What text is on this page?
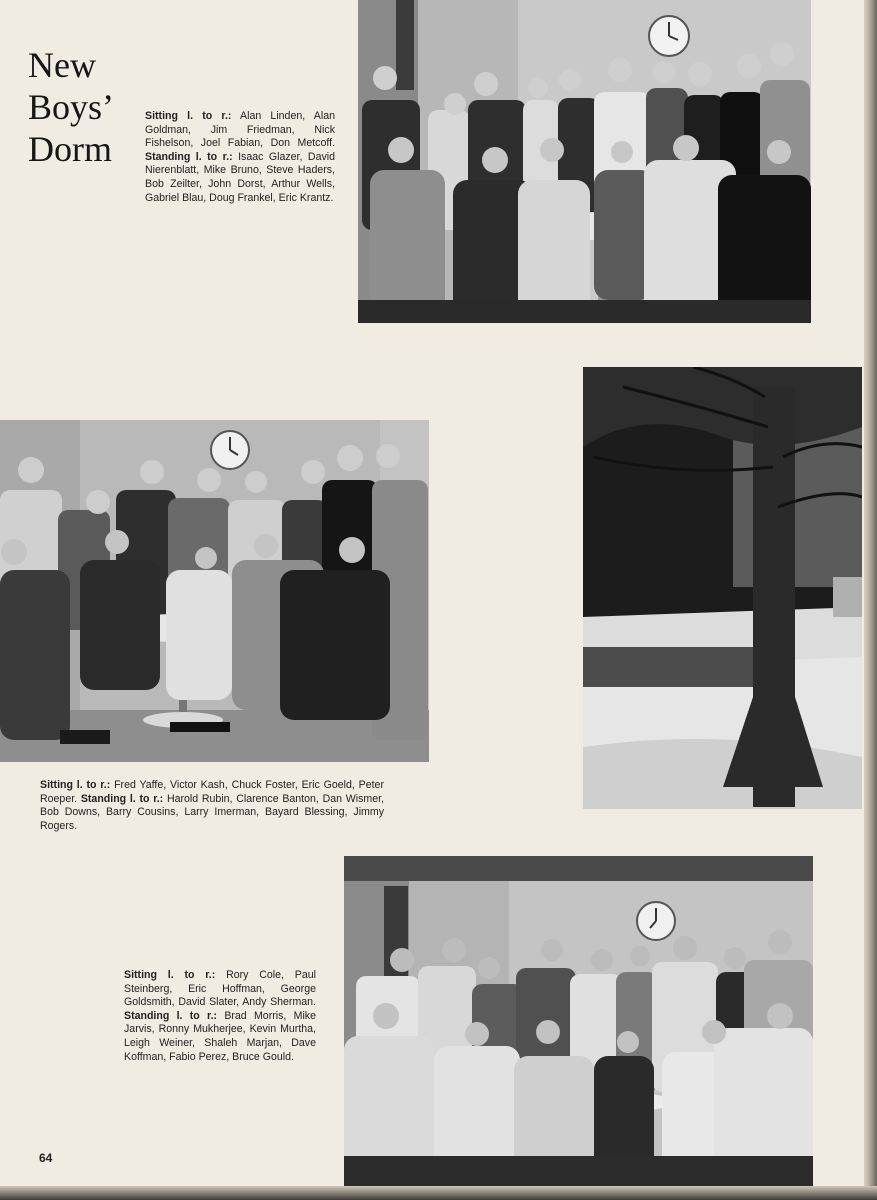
New
Boys’
Dorm

Sitting l. to r.: Alan Linden, Alan Goldman, Jim Friedman, Nick Fishelson, Joel Fabian, Don Metcoff. Standing l. to r.: Isaac Glazer, David Nierenblatt, Mike Bruno, Steve Haders, Bob Zeilter, John Dorst, Arthur Wells, Gabriel Blau, Doug Frankel, Eric Krantz.

Sitting l. to r.: Fred Yaffe, Victor Kash, Chuck Foster, Eric Goeld, Peter Roeper. Standing l. to r.: Harold Rubin, Clarence Banton, Dan Wismer, Bob Downs, Barry Cousins, Larry Imerman, Bayard Blessing, Jimmy Rogers.

Sitting l. to r.: Rory Cole, Paul Steinberg, Eric Hoffman, George Goldsmith, David Slater, Andy Sherman. Standing l. to r.: Brad Morris, Mike Jarvis, Ronny Mukherjee, Kevin Murtha, Leigh Weiner, Shaleh Marjan, Dave Koffman, Fabio Perez, Bruce Gould.

64
